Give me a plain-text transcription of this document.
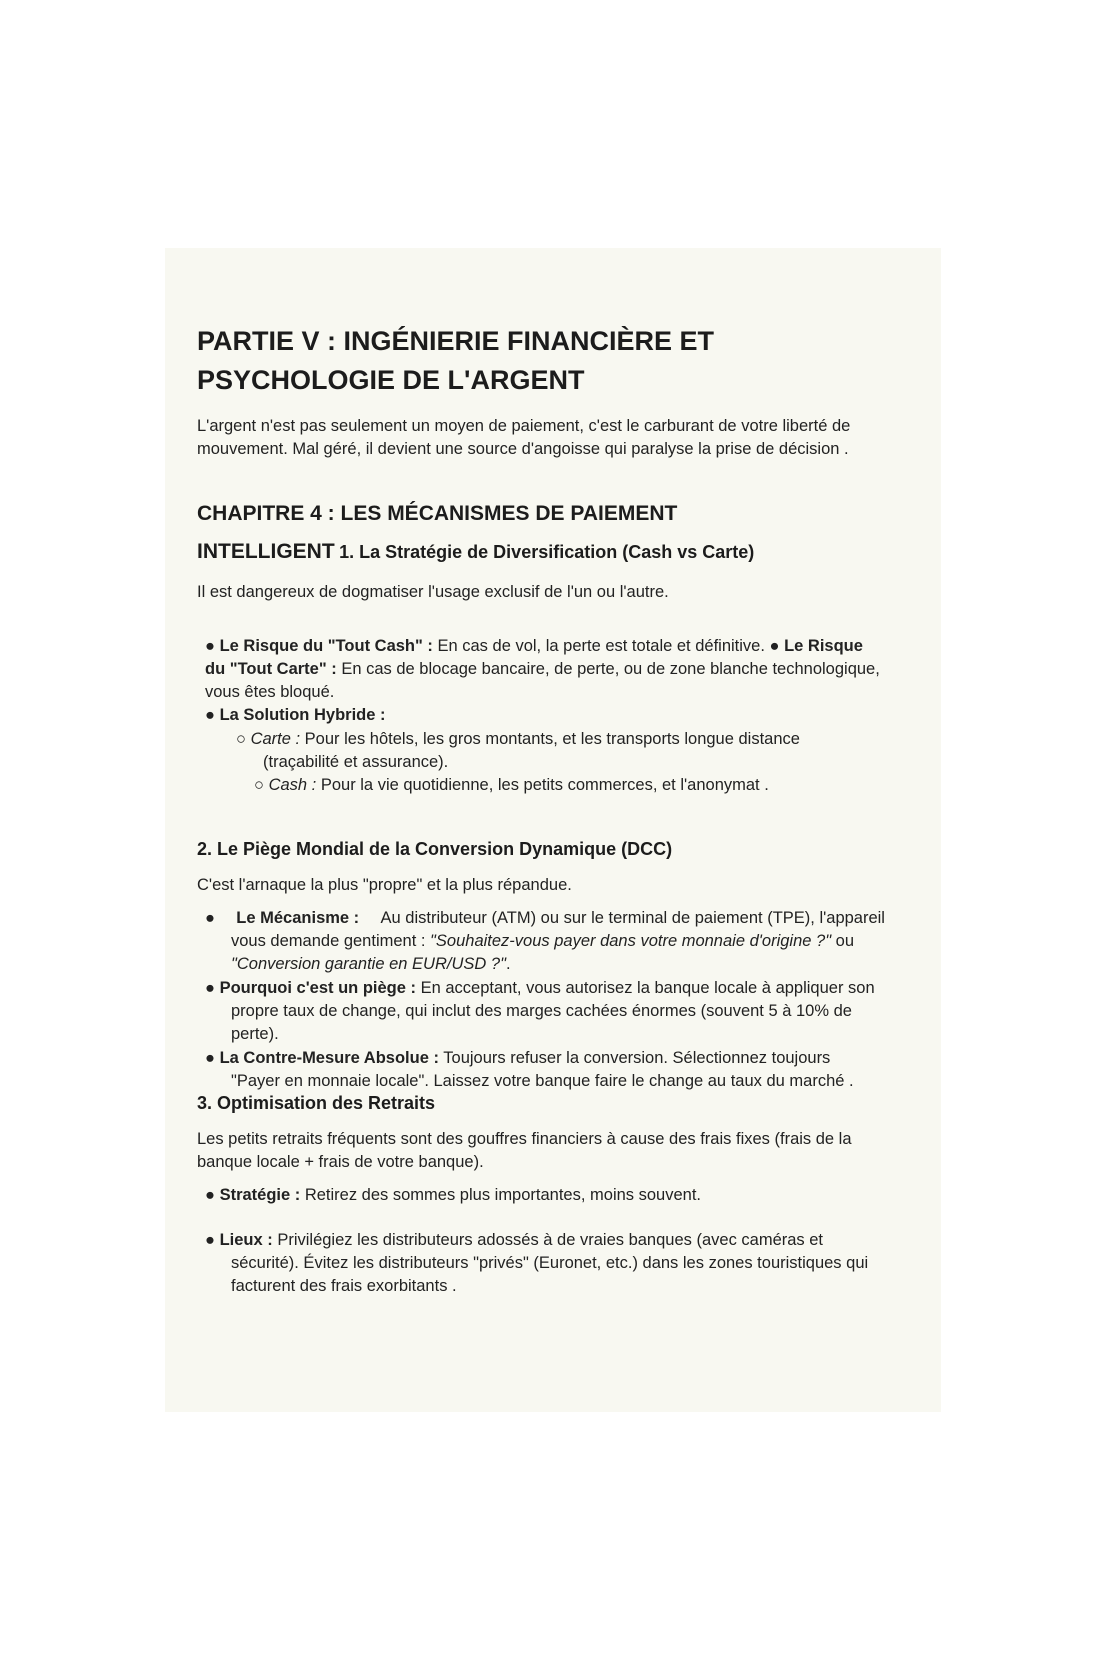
PARTIE V : INGÉNIERIE FINANCIÈRE ET
PSYCHOLOGIE DE L'ARGENT
L'argent n'est pas seulement un moyen de paiement, c'est le carburant de votre liberté de
mouvement. Mal géré, il devient une source d'angoisse qui paralyse la prise de décision .
CHAPITRE 4 : LES MÉCANISMES DE PAIEMENT
INTELLIGENT 1. La Stratégie de Diversification (Cash vs Carte)
Il est dangereux de dogmatiser l'usage exclusif de l'un ou l'autre.
● Le Risque du "Tout Cash" : En cas de vol, la perte est totale et définitive. ● Le Risque
du "Tout Carte" : En cas de blocage bancaire, de perte, ou de zone blanche technologique,
vous êtes bloqué.
● La Solution Hybride :
○ Carte : Pour les hôtels, les gros montants, et les transports longue distance
(traçabilité et assurance).
○ Cash : Pour la vie quotidienne, les petits commerces, et l'anonymat .
2. Le Piège Mondial de la Conversion Dynamique (DCC)
C'est l'arnaque la plus "propre" et la plus répandue.
● Le Mécanisme : Au distributeur (ATM) ou sur le terminal de paiement (TPE), l'appareil
vous demande gentiment : "Souhaitez-vous payer dans votre monnaie d'origine ?" ou
"Conversion garantie en EUR/USD ?".
● Pourquoi c'est un piège : En acceptant, vous autorisez la banque locale à appliquer son
propre taux de change, qui inclut des marges cachées énormes (souvent 5 à 10% de
perte).
● La Contre-Mesure Absolue : Toujours refuser la conversion. Sélectionnez toujours
"Payer en monnaie locale". Laissez votre banque faire le change au taux du marché .
3. Optimisation des Retraits
Les petits retraits fréquents sont des gouffres financiers à cause des frais fixes (frais de la
banque locale + frais de votre banque).
● Stratégie : Retirez des sommes plus importantes, moins souvent.
● Lieux : Privilégiez les distributeurs adossés à de vraies banques (avec caméras et
sécurité). Évitez les distributeurs "privés" (Euronet, etc.) dans les zones touristiques qui
facturent des frais exorbitants .
